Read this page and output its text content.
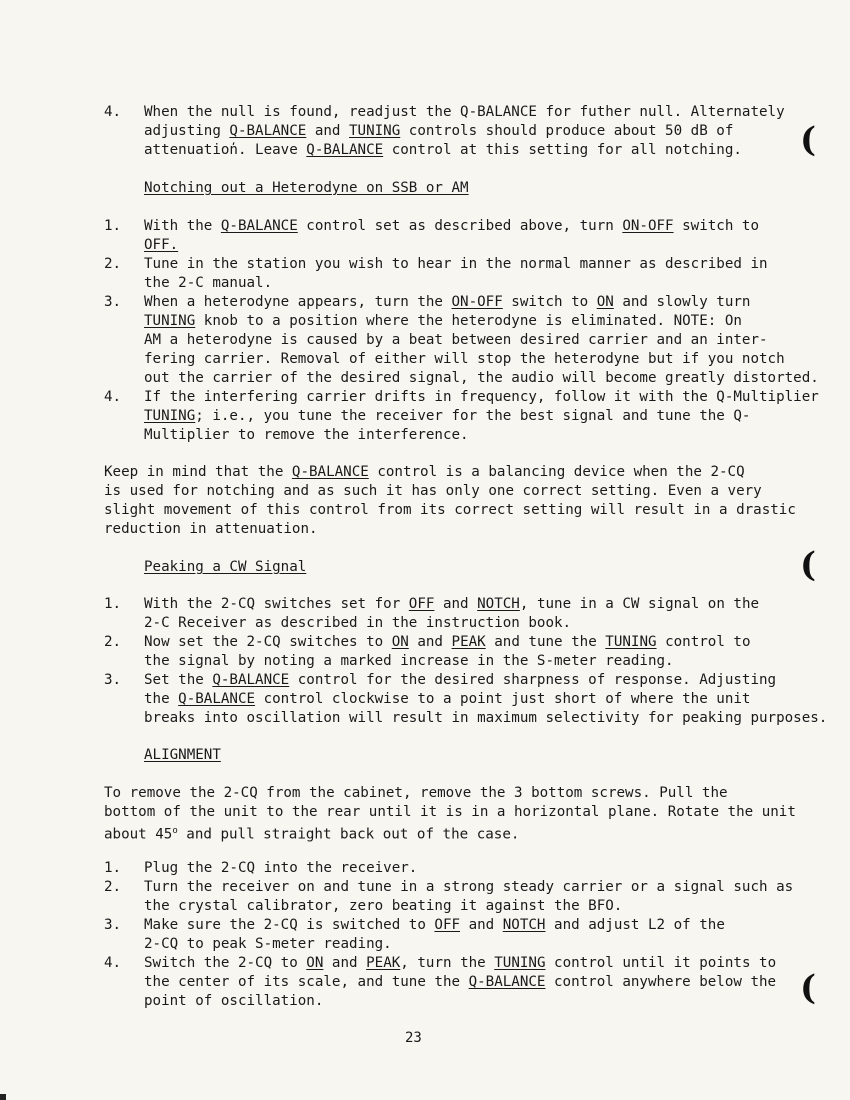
(
(
(
4. When the null is found, readjust the Q-BALANCE for futher null. Alternately
adjusting Q-BALANCE and TUNING controls should produce about 50 dB of
attenuation̕. Leave Q-BALANCE control at this setting for all notching.
Notching out a Heterodyne on SSB or AM
1. With the Q-BALANCE control set as described above, turn ON-OFF switch to
OFF.
2. Tune in the station you wish to hear in the normal manner as described in
the 2-C manual.
3. When a heterodyne appears, turn the ON-OFF switch to ON and slowly turn
TUNING knob to a position where the heterodyne is eliminated. NOTE: On
AM a heterodyne is caused by a beat between desired carrier and an inter-
fering carrier. Removal of either will stop the heterodyne but if you notch
out the carrier of the desired signal, the audio will become greatly distorted.
4. If the interfering carrier drifts in frequency, follow it with the Q-Multiplier
TUNING; i.e., you tune the receiver for the best signal and tune the Q-
Multiplier to remove the interference.
Keep in mind that the Q-BALANCE control is a balancing device when the 2-CQ
is used for notching and as such it has only one correct setting. Even a very
slight movement of this control from its correct setting will result in a drastic
reduction in attenuation.
Peaking a CW Signal
1. With the 2-CQ switches set for OFF and NOTCH, tune in a CW signal on the
2-C Receiver as described in the instruction book.
2. Now set the 2-CQ switches to ON and PEAK and tune the TUNING control to
the signal by noting a marked increase in the S-meter reading.
3. Set the Q-BALANCE control for the desired sharpness of response. Adjusting
the Q-BALANCE control clockwise to a point just short of where the unit
breaks into oscillation will result in maximum selectivity for peaking purposes.
ALIGNMENT
To remove the 2-CQ from the cabinet, remove the 3 bottom screws. Pull the
bottom of the unit to the rear until it is in a horizontal plane. Rotate the unit
about 45$^o$ and pull straight back out of the case.
1. Plug the 2-CQ into the receiver.
2. Turn the receiver on and tune in a strong steady carrier or a signal such as
the crystal calibrator, zero beating it against the BFO.
3. Make sure the 2-CQ is switched to OFF and NOTCH and adjust L2 of the
2-CQ to peak S-meter reading.
4. Switch the 2-CQ to ON and PEAK, turn the TUNING control until it points to
the center of its scale, and tune the Q-BALANCE control anywhere below the
point of oscillation.
23
